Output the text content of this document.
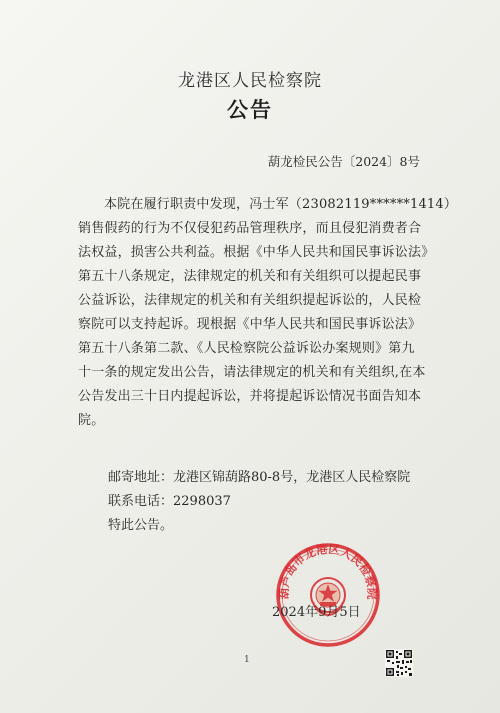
龙港区人民检察院
公告
葫龙检民公告〔2024〕8号
本院在履行职责中发现，冯士军（23082119******1414）
销售假药的行为不仅侵犯药品管理秩序，而且侵犯消费者合
法权益，损害公共利益。根据《中华人民共和国民事诉讼法》
第五十八条规定，法律规定的机关和有关组织可以提起民事
公益诉讼，法律规定的机关和有关组织提起诉讼的，人民检
察院可以支持起诉。现根据《中华人民共和国民事诉讼法》
第五十八条第二款、《人民检察院公益诉讼办案规则》第九
十一条的规定发出公告，请法律规定的机关和有关组织,在本
公告发出三十日内提起诉讼，并将提起诉讼情况书面告知本
院。
邮寄地址：龙港区锦葫路80-8号，龙港区人民检察院
联系电话：2298037
特此公告。
葫芦岛市龙港区人民检察院
2024年9月5日
1
